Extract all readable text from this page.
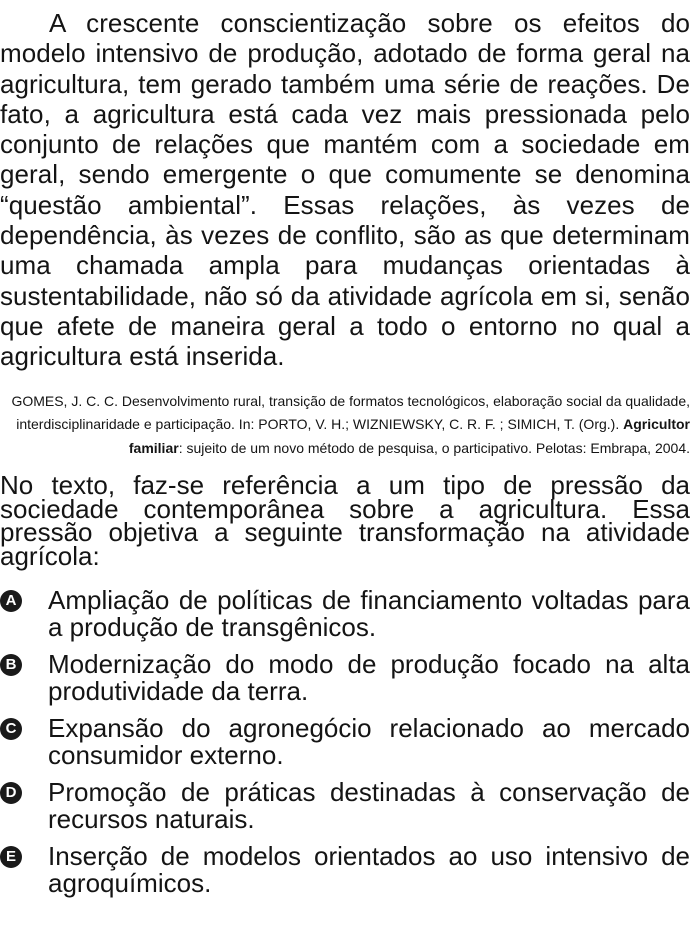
A crescente conscientização sobre os efeitos do modelo intensivo de produção, adotado de forma geral na agricultura, tem gerado também uma série de reações. De fato, a agricultura está cada vez mais pressionada pelo conjunto de relações que mantém com a sociedade em geral, sendo emergente o que comumente se denomina “questão ambiental”. Essas relações, às vezes de dependência, às vezes de conflito, são as que determinam uma chamada ampla para mudanças orientadas à sustentabilidade, não só da atividade agrícola em si, senão que afete de maneira geral a todo o entorno no qual a agricultura está inserida.

GOMES, J. C. C. Desenvolvimento rural, transição de formatos tecnológicos, elaboração social da qualidade, interdisciplinaridade e participação. In: PORTO, V. H.; WIZNIEWSKY, C. R. F. ; SIMICH, T. (Org.). Agricultor familiar: sujeito de um novo método de pesquisa, o participativo. Pelotas: Embrapa, 2004.

No texto, faz-se referência a um tipo de pressão da sociedade contemporânea sobre a agricultura. Essa pressão objetiva a seguinte transformação na atividade agrícola:

A Ampliação de políticas de financiamento voltadas para a produção de transgênicos.
B Modernização do modo de produção focado na alta produtividade da terra.
C Expansão do agronegócio relacionado ao mercado consumidor externo.
D Promoção de práticas destinadas à conservação de recursos naturais.
E Inserção de modelos orientados ao uso intensivo de agroquímicos.
